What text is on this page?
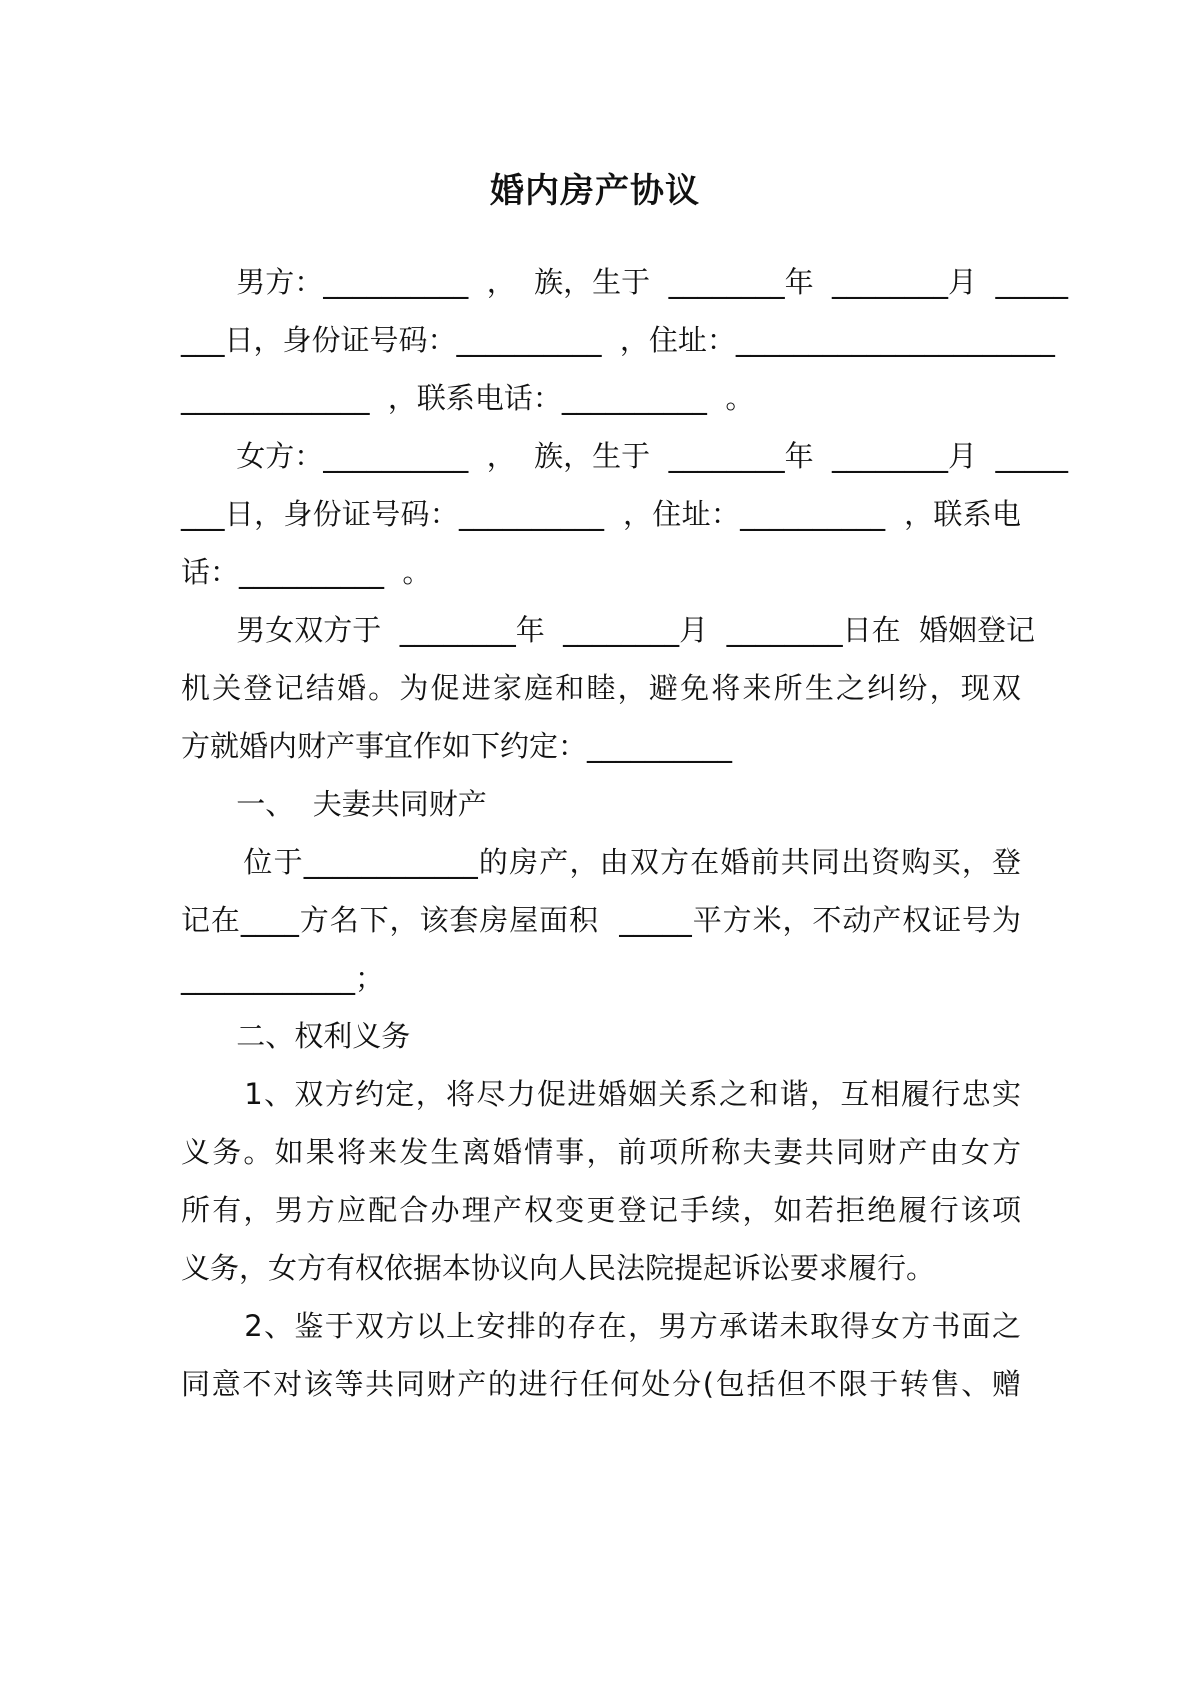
婚内房产协议
男方：__________  ，  族，生于  ________年  ________月  _____
___日，身份证号码：__________  ，住址：______________________
_____________  ，联系电话：__________  。
女方：__________  ，  族，生于  ________年  ________月  _____
___日，身份证号码：__________  ，住址：__________  ，联系电
话：__________  。
男女双方于  ________年  ________月  ________日在  婚姻登记
机关登记结婚。为促进家庭和睦，避免将来所生之纠纷，现双
方就婚内财产事宜作如下约定：__________
一、  夫妻共同财产
位于____________的房产，由双方在婚前共同出资购买，登
记在____方名下，该套房屋面积  _____平方米，不动产权证号为
____________；
二、权利义务
1、双方约定，将尽力促进婚姻关系之和谐，互相履行忠实
义务。如果将来发生离婚情事，前项所称夫妻共同财产由女方
所有，男方应配合办理产权变更登记手续，如若拒绝履行该项
义务，女方有权依据本协议向人民法院提起诉讼要求履行。
2、鉴于双方以上安排的存在，男方承诺未取得女方书面之
同意不对该等共同财产的进行任何处分(包括但不限于转售、赠
